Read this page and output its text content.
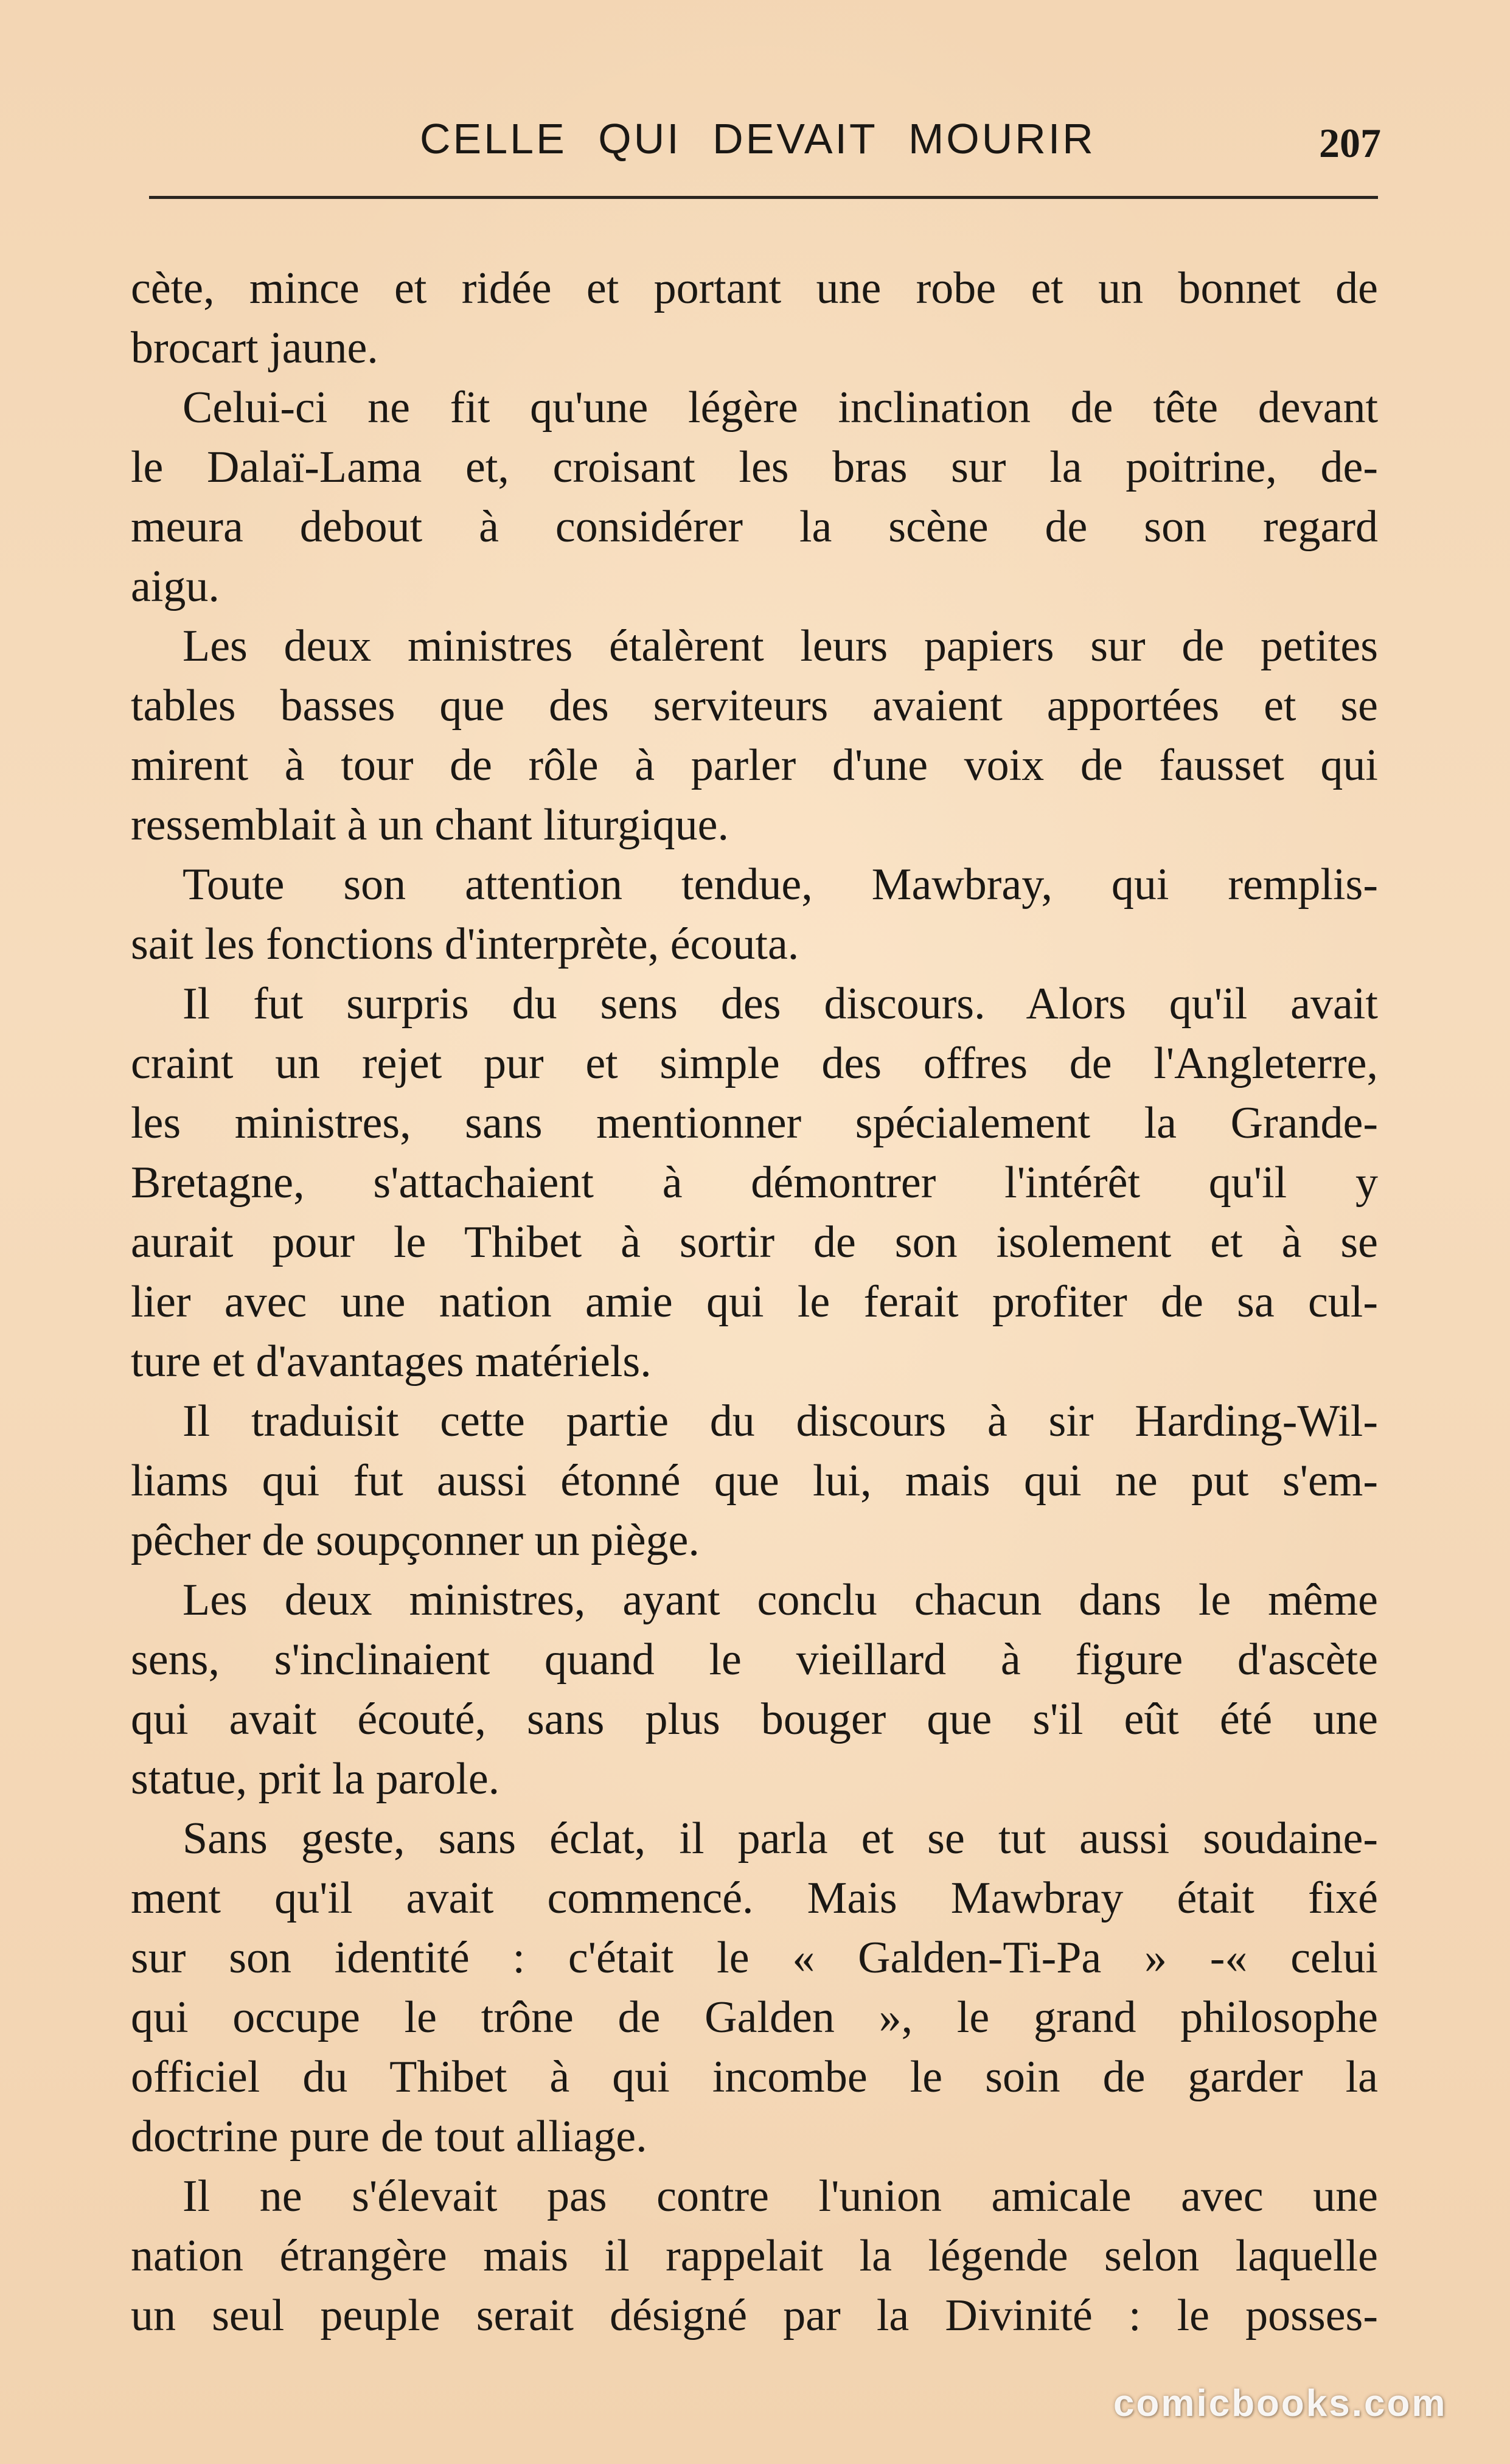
CELLE QUI DEVAIT MOURIR	207
cète, mince et ridée et portant une robe et un bonnet de
brocart jaune.
Celui-ci ne fit qu'une légère inclination de tête devant
le Dalaï-Lama et, croisant les bras sur la poitrine, de-
meura debout à considérer la scène de son regard
aigu.
Les deux ministres étalèrent leurs papiers sur de petites
tables basses que des serviteurs avaient apportées et se
mirent à tour de rôle à parler d'une voix de fausset qui
ressemblait à un chant liturgique.
Toute son attention tendue, Mawbray, qui remplis-
sait les fonctions d'interprète, écouta.
Il fut surpris du sens des discours. Alors qu'il avait
craint un rejet pur et simple des offres de l'Angleterre,
les ministres, sans mentionner spécialement la Grande-
Bretagne, s'attachaient à démontrer l'intérêt qu'il y
aurait pour le Thibet à sortir de son isolement et à se
lier avec une nation amie qui le ferait profiter de sa cul-
ture et d'avantages matériels.
Il traduisit cette partie du discours à sir Harding-Wil-
liams qui fut aussi étonné que lui, mais qui ne put s'em-
pêcher de soupçonner un piège.
Les deux ministres, ayant conclu chacun dans le même
sens, s'inclinaient quand le vieillard à figure d'ascète
qui avait écouté, sans plus bouger que s'il eût été une
statue, prit la parole.
Sans geste, sans éclat, il parla et se tut aussi soudaine-
ment qu'il avait commencé. Mais Mawbray était fixé
sur son identité : c'était le « Galden-Ti-Pa » -« celui
qui occupe le trône de Galden », le grand philosophe
officiel du Thibet à qui incombe le soin de garder la
doctrine pure de tout alliage.
Il ne s'élevait pas contre l'union amicale avec une
nation étrangère mais il rappelait la légende selon laquelle
un seul peuple serait désigné par la Divinité : le posses-
comicbooks.com
